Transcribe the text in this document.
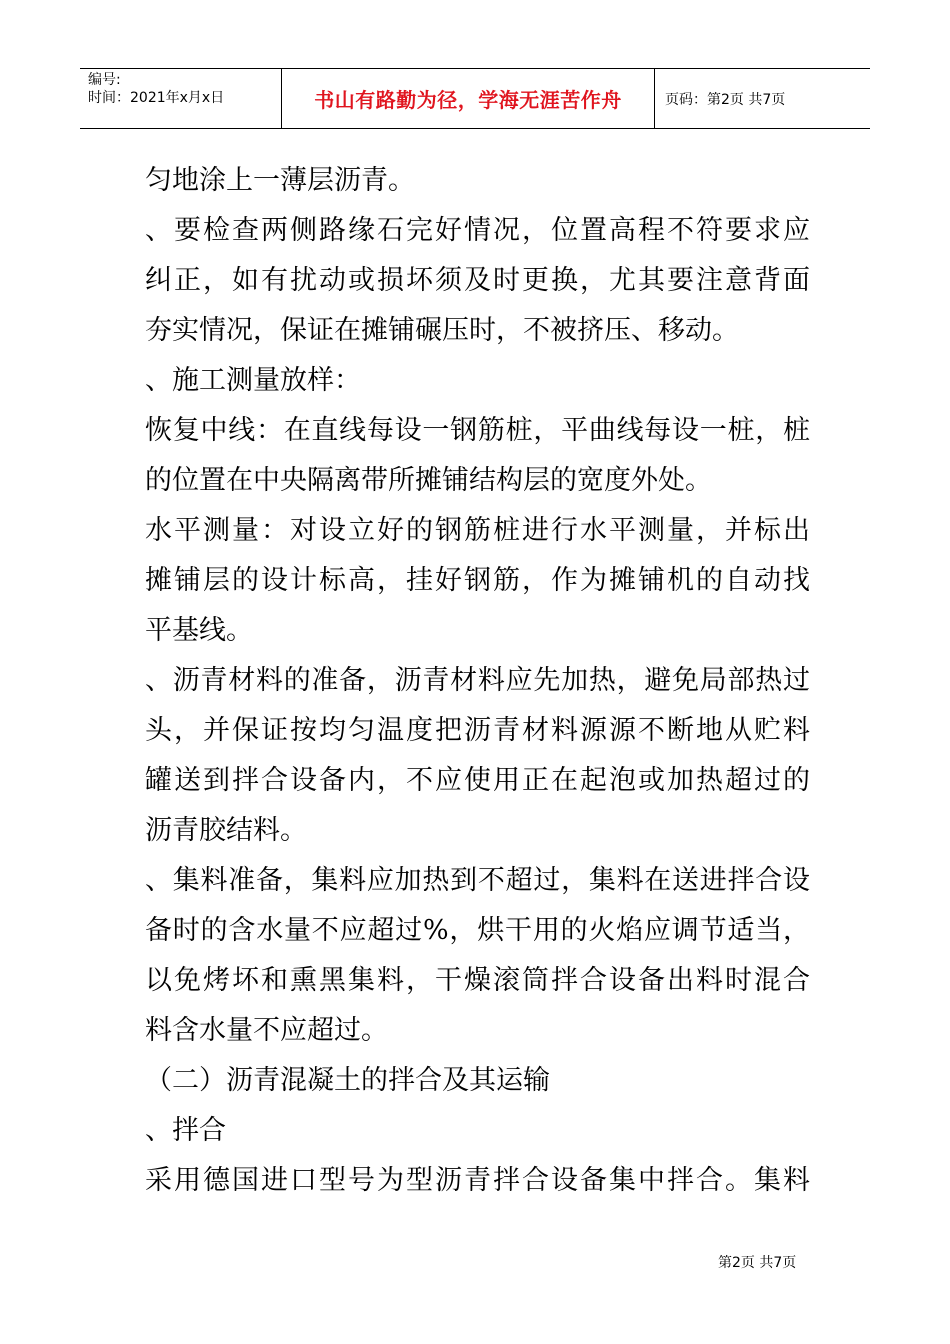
编号:
时间：2021年x月x日	书山有路勤为径，学海无涯苦作舟	页码：第2页 共7页
匀地涂上一薄层沥青。
、要检查两侧路缘石完好情况，位置高程不符要求应
纠正，如有扰动或损坏须及时更换，尤其要注意背面
夯实情况，保证在摊铺碾压时，不被挤压、移动。
、施工测量放样：
恢复中线：在直线每设一钢筋桩，平曲线每设一桩，桩
的位置在中央隔离带所摊铺结构层的宽度外处。
水平测量：对设立好的钢筋桩进行水平测量，并标出
摊铺层的设计标高，挂好钢筋，作为摊铺机的自动找
平基线。
、沥青材料的准备，沥青材料应先加热，避免局部热过
头，并保证按均匀温度把沥青材料源源不断地从贮料
罐送到拌合设备内，不应使用正在起泡或加热超过的
沥青胶结料。
、集料准备，集料应加热到不超过，集料在送进拌合设
备时的含水量不应超过%，烘干用的火焰应调节适当，
以免烤坏和熏黑集料，干燥滚筒拌合设备出料时混合
料含水量不应超过。
（二）沥青混凝土的拌合及其运输
、拌合
采用德国进口型号为型沥青拌合设备集中拌合。集料
第2页 共7页
